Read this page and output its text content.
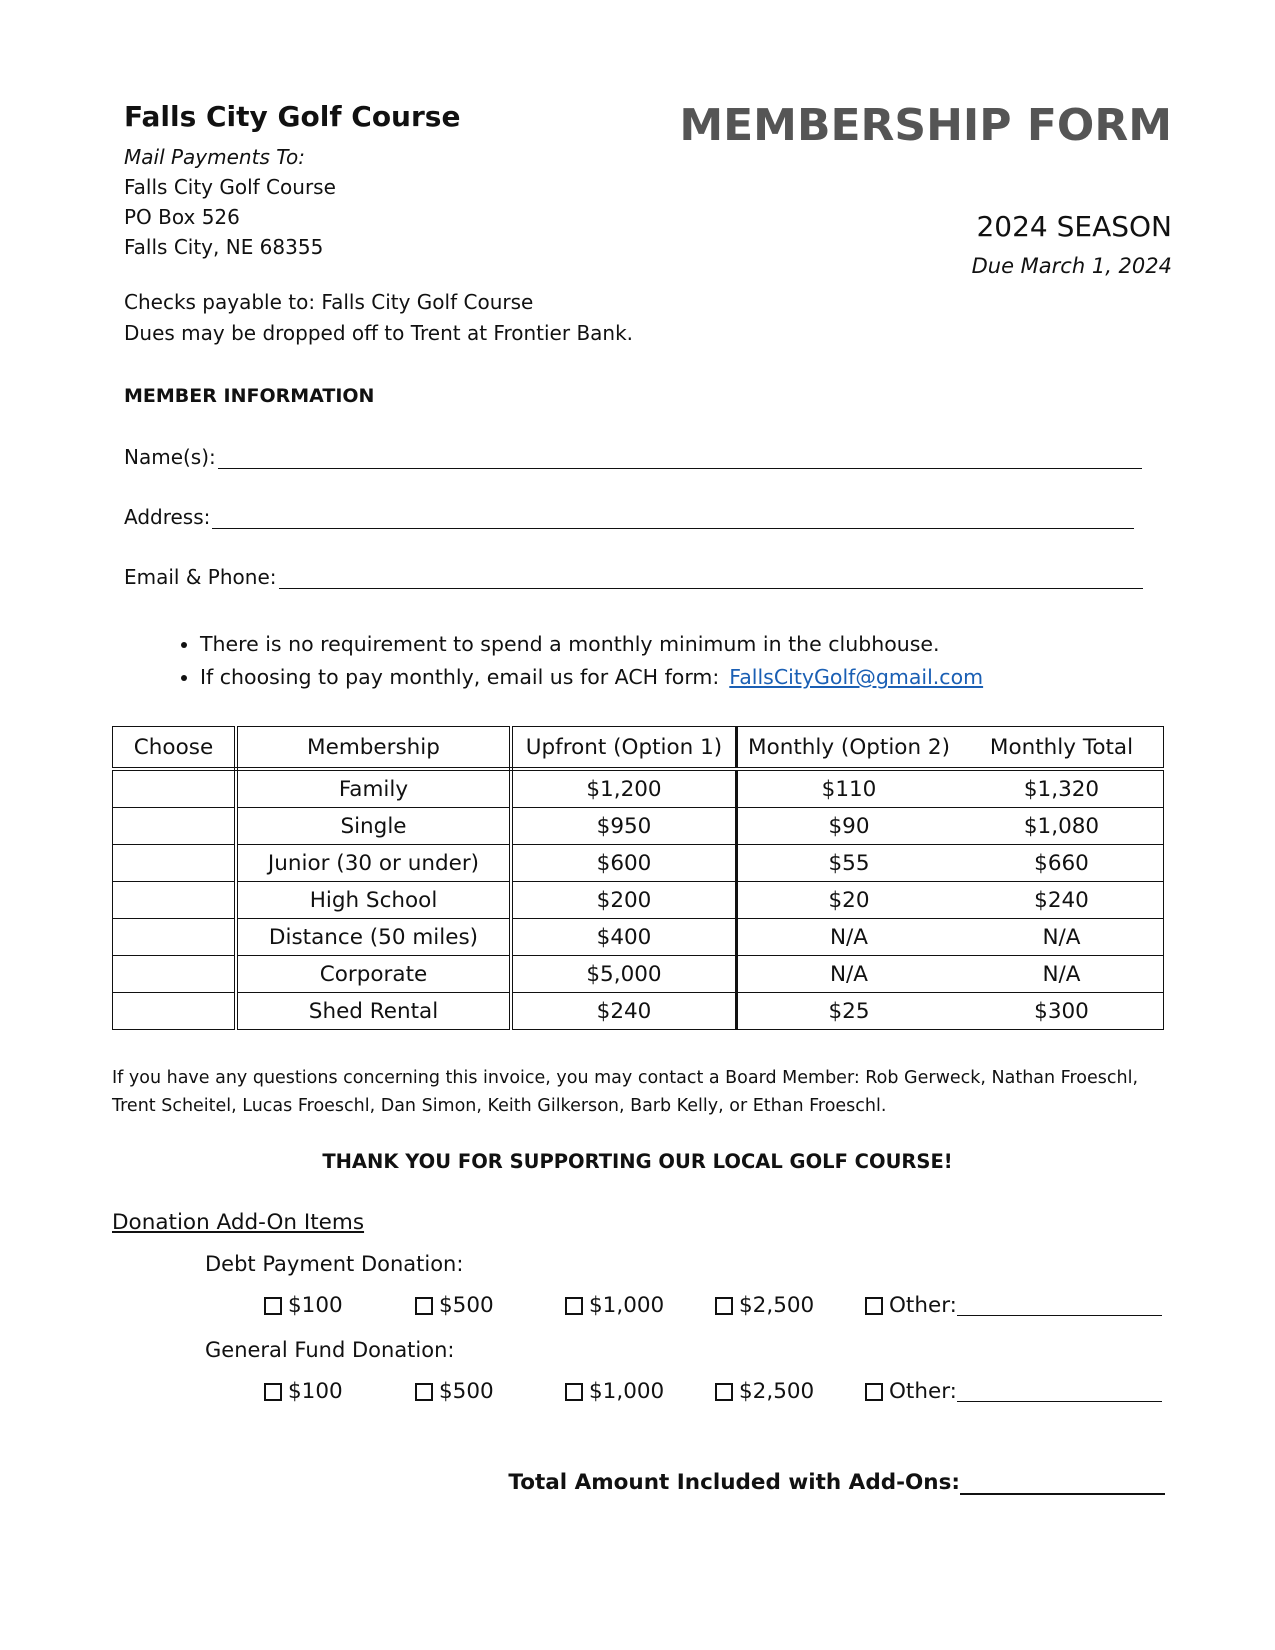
Falls City Golf Course
Mail Payments To:
Falls City Golf Course
PO Box 526
Falls City, NE 68355
MEMBERSHIP FORM
2024 SEASON
Due March 1, 2024
Checks payable to: Falls City Golf Course
Dues may be dropped off to Trent at Frontier Bank.
MEMBER INFORMATION
Name(s):
Address:
Email & Phone:
• There is no requirement to spend a monthly minimum in the clubhouse.
• If choosing to pay monthly, email us for ACH form: FallsCityGolf@gmail.com
Choose	Membership	Upfront (Option 1)	Monthly (Option 2)	Monthly Total
	Family	$1,200	$110	$1,320
	Single	$950	$90	$1,080
	Junior (30 or under)	$600	$55	$660
	High School	$200	$20	$240
	Distance (50 miles)	$400	N/A	N/A
	Corporate	$5,000	N/A	N/A
	Shed Rental	$240	$25	$300
If you have any questions concerning this invoice, you may contact a Board Member: Rob Gerweck, Nathan Froeschl,
Trent Scheitel, Lucas Froeschl, Dan Simon, Keith Gilkerson, Barb Kelly, or Ethan Froeschl.
THANK YOU FOR SUPPORTING OUR LOCAL GOLF COURSE!
Donation Add-On Items
Debt Payment Donation:
$100	$500	$1,000	$2,500	Other:
General Fund Donation:
$100	$500	$1,000	$2,500	Other:
Total Amount Included with Add-Ons:
